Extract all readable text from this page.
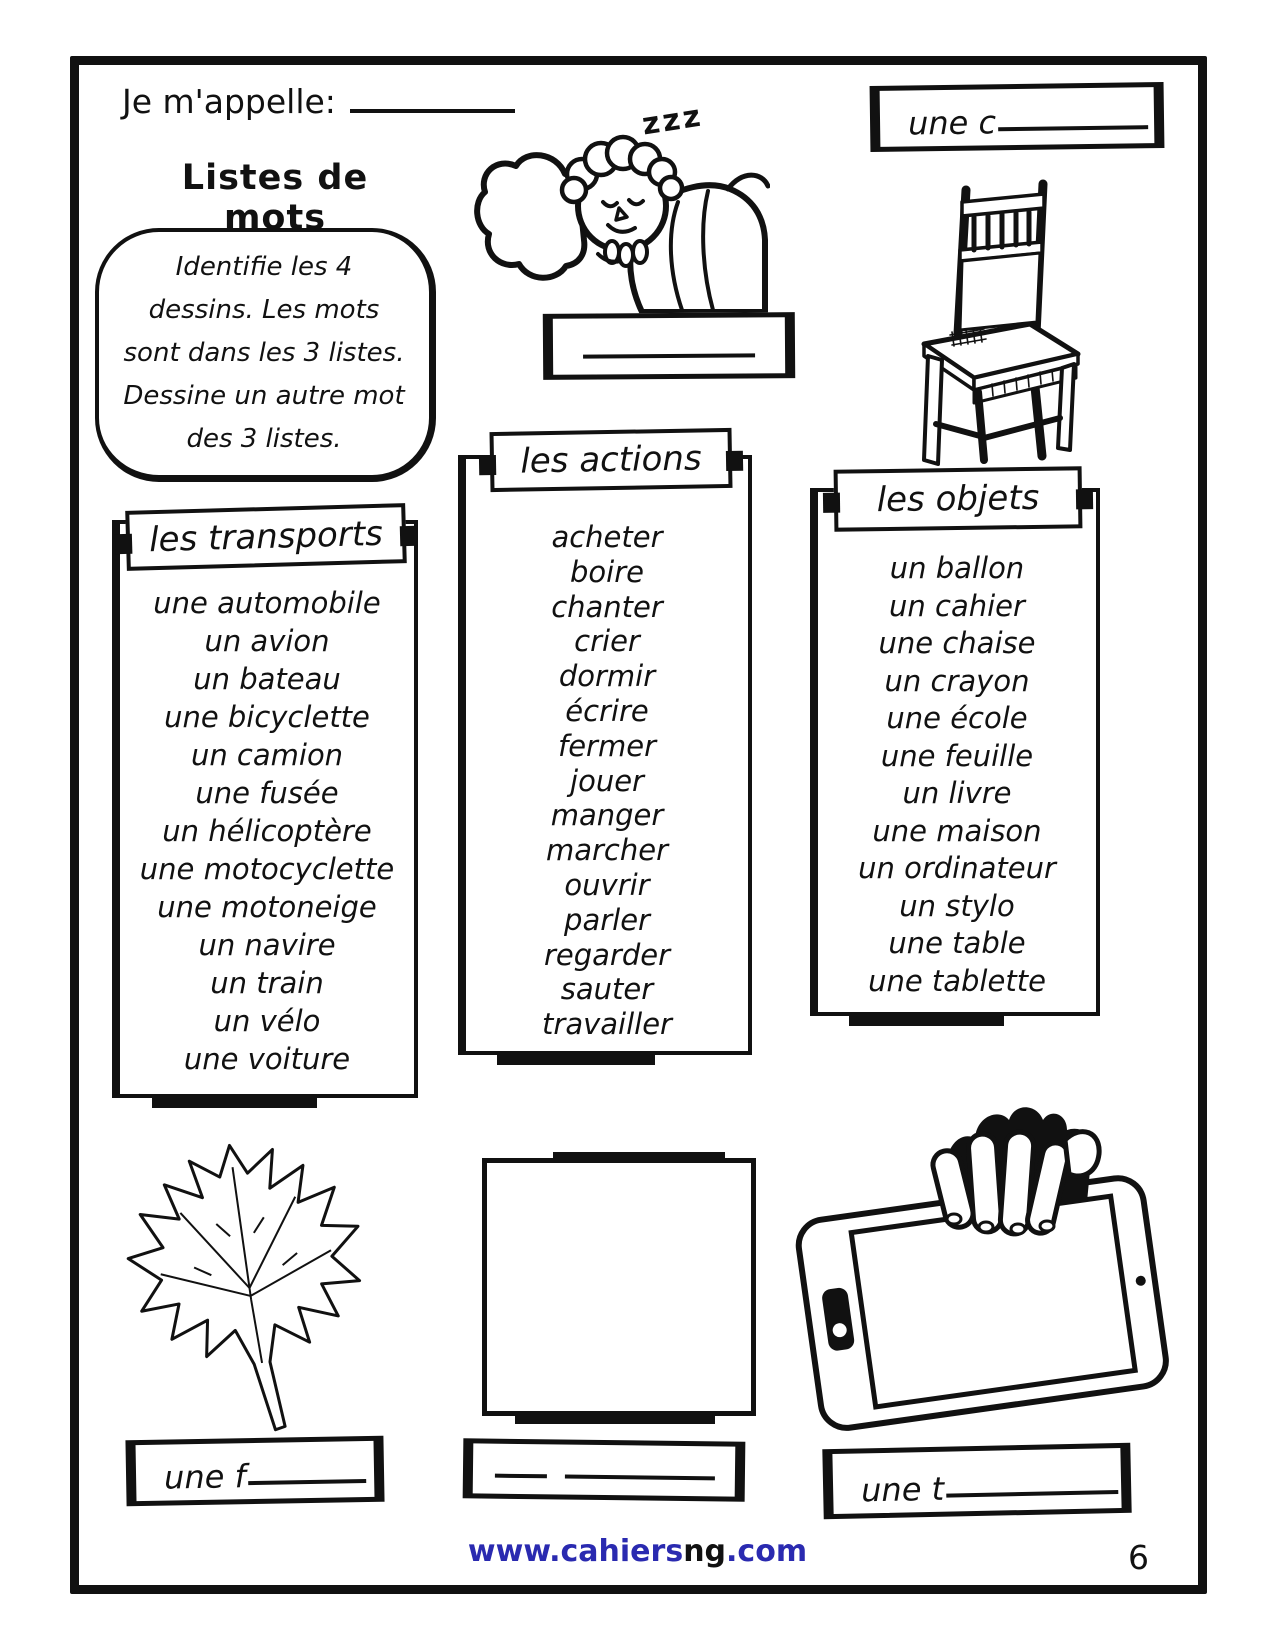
Je m'appelle:
Listes de mots
Identifie les 4
dessins. Les mots
sont dans les 3 listes.
Dessine un autre mot
des 3 listes.
zzz	une c
les transports
une automobile
un avion
un bateau
une bicyclette
un camion
une fusée
un hélicoptère
une motocyclette
une motoneige
un navire
un train
un vélo
une voiture
les actions
acheter
boire
chanter
crier
dormir
écrire
fermer
jouer
manger
marcher
ouvrir
parler
regarder
sauter
travailler
les objets
un ballon
un cahier
une chaise
un crayon
une école
une feuille
un livre
une maison
un ordinateur
un stylo
une table
une tablette
une f	une t
www.cahiersng.com	6
